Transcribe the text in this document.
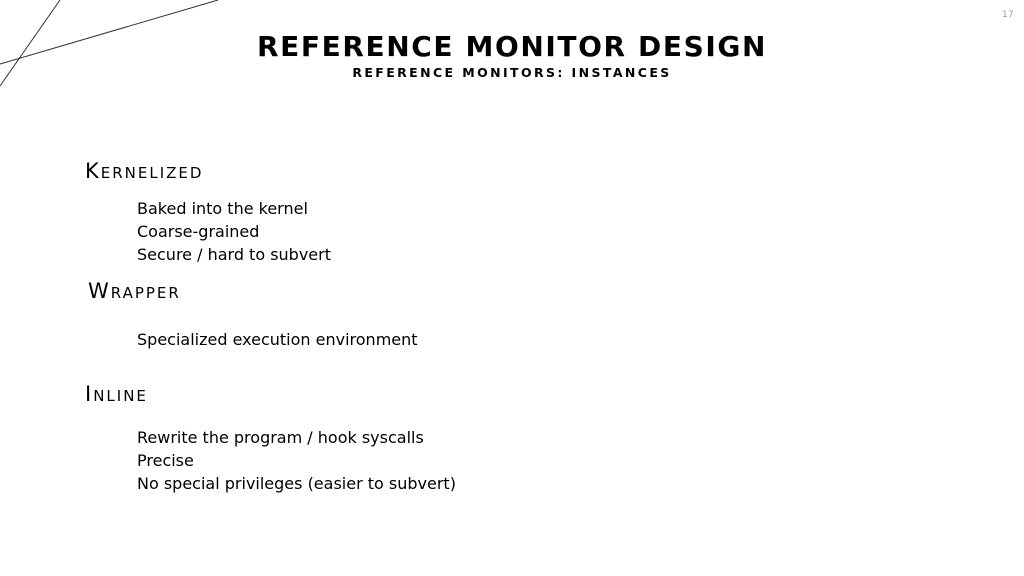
17
REFERENCE MONITOR DESIGN
REFERENCE MONITORS: INSTANCES
Kernelized
Baked into the kernel
Coarse-grained
Secure / hard to subvert
Wrapper
Specialized execution environment
Inline
Rewrite the program / hook syscalls
Precise
No special privileges (easier to subvert)
